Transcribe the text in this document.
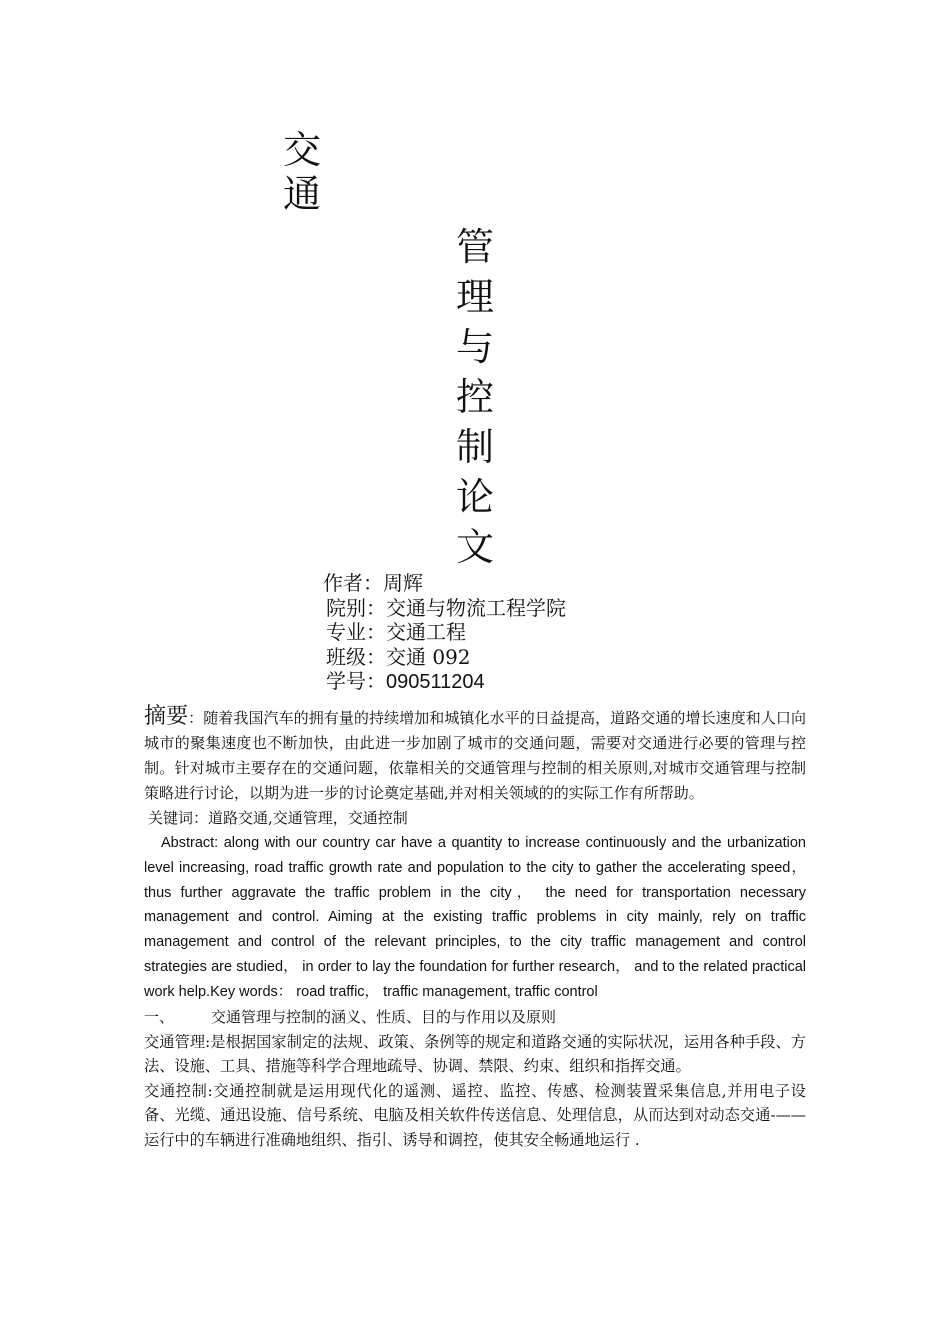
交
通
管
理
与
控
制
论
文
作者：周辉
院别：交通与物流工程学院
专业：交通工程
班级：交通 092
学号：090511204

摘要：随着我国汽车的拥有量的持续增加和城镇化水平的日益提高，道路交通的增长速度和人口向城市的聚集速度也不断加快，由此进一步加剧了城市的交通问题，需要对交通进行必要的管理与控制。针对城市主要存在的交通问题，依靠相关的交通管理与控制的相关原则,对城市交通管理与控制策略进行讨论，以期为进一步的讨论奠定基础,并对相关领域的的实际工作有所帮助。

关键词：道路交通,交通管理，交通控制

Abstract: along with our country car have a quantity to increase continuously and the urbanization level increasing, road traffic growth rate and population to the city to gather the accelerating speed， thus further aggravate the traffic problem in the city， the need for transportation necessary management and control. Aiming at the existing traffic problems in city mainly, rely on traffic management and control of the relevant principles, to the city traffic management and control strategies are studied， in order to lay the foundation for further research， and to the related practical work help.Key words： road traffic， traffic management, traffic control

一、 交通管理与控制的涵义、性质、目的与作用以及原则

交通管理:是根据国家制定的法规、政策、条例等的规定和道路交通的实际状况，运用各种手段、方法、设施、工具、措施等科学合理地疏导、协调、禁限、约束、组织和指挥交通。

交通控制:交通控制就是运用现代化的遥测、遥控、监控、传感、检测装置采集信息,并用电子设备、光缆、通迅设施、信号系统、电脑及相关软件传送信息、处理信息，从而达到对动态交通-——运行中的车辆进行准确地组织、指引、诱导和调控，使其安全畅通地运行 .
